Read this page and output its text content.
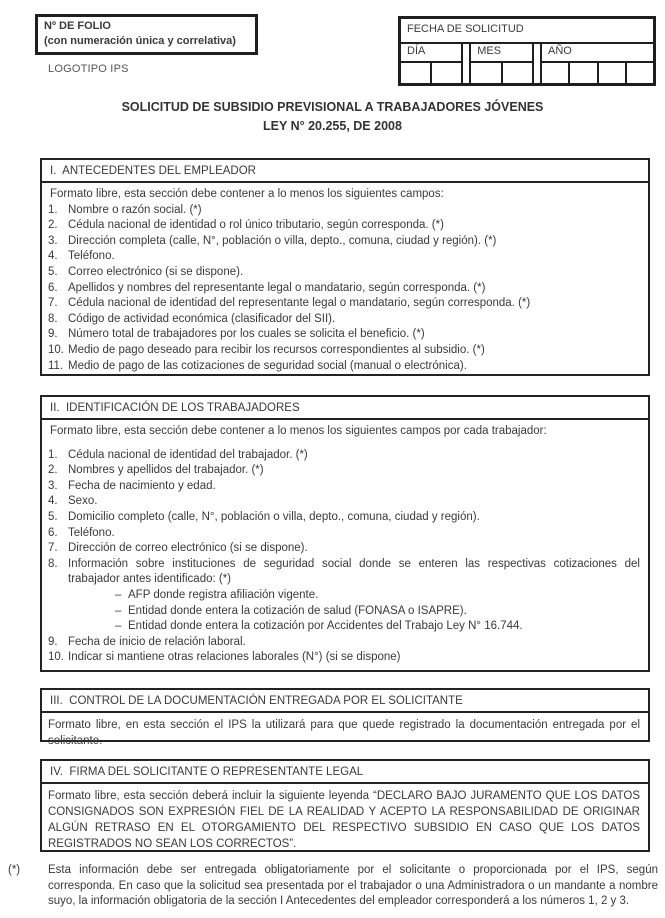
Nº DE FOLIO
(con numeración única y correlativa)
LOGOTIPO IPS
FECHA DE SOLICITUD									
DÍA			MES			AÑO			

SOLICITUD DE SUBSIDIO PREVISIONAL A TRABAJADORES JÓVENES
LEY N° 20.255, DE 2008
I.  ANTECEDENTES DEL EMPLEADOR
Formato libre, esta sección debe contener a lo menos los siguientes campos:
1. Nombre o razón social. (*)
2. Cédula nacional de identidad o rol único tributario, según corresponda. (*)
3. Dirección completa (calle, N°, población o villa, depto., comuna, ciudad y región). (*)
4. Teléfono.
5. Correo electrónico (si se dispone).
6. Apellidos y nombres del representante legal o mandatario, según corresponda. (*)
7. Cédula nacional de identidad del representante legal o mandatario, según corresponda. (*)
8. Código de actividad económica (clasificador del SII).
9. Número total de trabajadores por los cuales se solicita el beneficio. (*)
10. Medio de pago deseado para recibir los recursos correspondientes al subsidio. (*)
11. Medio de pago de las cotizaciones de seguridad social (manual o electrónica).
II.  IDENTIFICACIÓN DE LOS TRABAJADORES
Formato libre, esta sección debe contener a lo menos los siguientes campos por cada trabajador:
1. Cédula nacional de identidad del trabajador. (*)
2. Nombres y apellidos del trabajador. (*)
3. Fecha de nacimiento y edad.
4. Sexo.
5. Domicilio completo (calle, N°, población o villa, depto., comuna, ciudad y región).
6. Teléfono.
7. Dirección de correo electrónico (si se dispone).
8. Información sobre instituciones de seguridad social donde se enteren las respectivas cotizaciones del trabajador antes identificado: (*)
– AFP donde registra afiliación vigente.
– Entidad donde entera la cotización de salud (FONASA o ISAPRE).
– Entidad donde entera la cotización por Accidentes del Trabajo Ley N° 16.744.
9. Fecha de inicio de relación laboral.
10. Indicar si mantiene otras relaciones laborales (N°) (si se dispone)
III.  CONTROL DE LA DOCUMENTACIÓN ENTREGADA POR EL SOLICITANTE
Formato libre, en esta sección el IPS la utilizará para que quede registrado la documentación entregada por el solicitante.
IV.  FIRMA DEL SOLICITANTE O REPRESENTANTE LEGAL
Formato libre, esta sección deberá incluir la siguiente leyenda “DECLARO BAJO JURAMENTO QUE LOS DATOS CONSIGNADOS SON EXPRESIÓN FIEL DE LA REALIDAD Y ACEPTO LA RESPONSABILIDAD DE ORIGINAR ALGÚN RETRASO EN EL OTORGAMIENTO DEL RESPECTIVO SUBSIDIO EN CASO QUE LOS DATOS REGISTRADOS NO SEAN LOS CORRECTOS”.
(*)	Esta información debe ser entregada obligatoriamente por el solicitante o proporcionada por el IPS, según corresponda. En caso que la solicitud sea presentada por el trabajador o una Administradora o un mandante a nombre suyo, la información obligatoria de la sección I Antecedentes del empleador corresponderá a los números 1, 2 y 3.
